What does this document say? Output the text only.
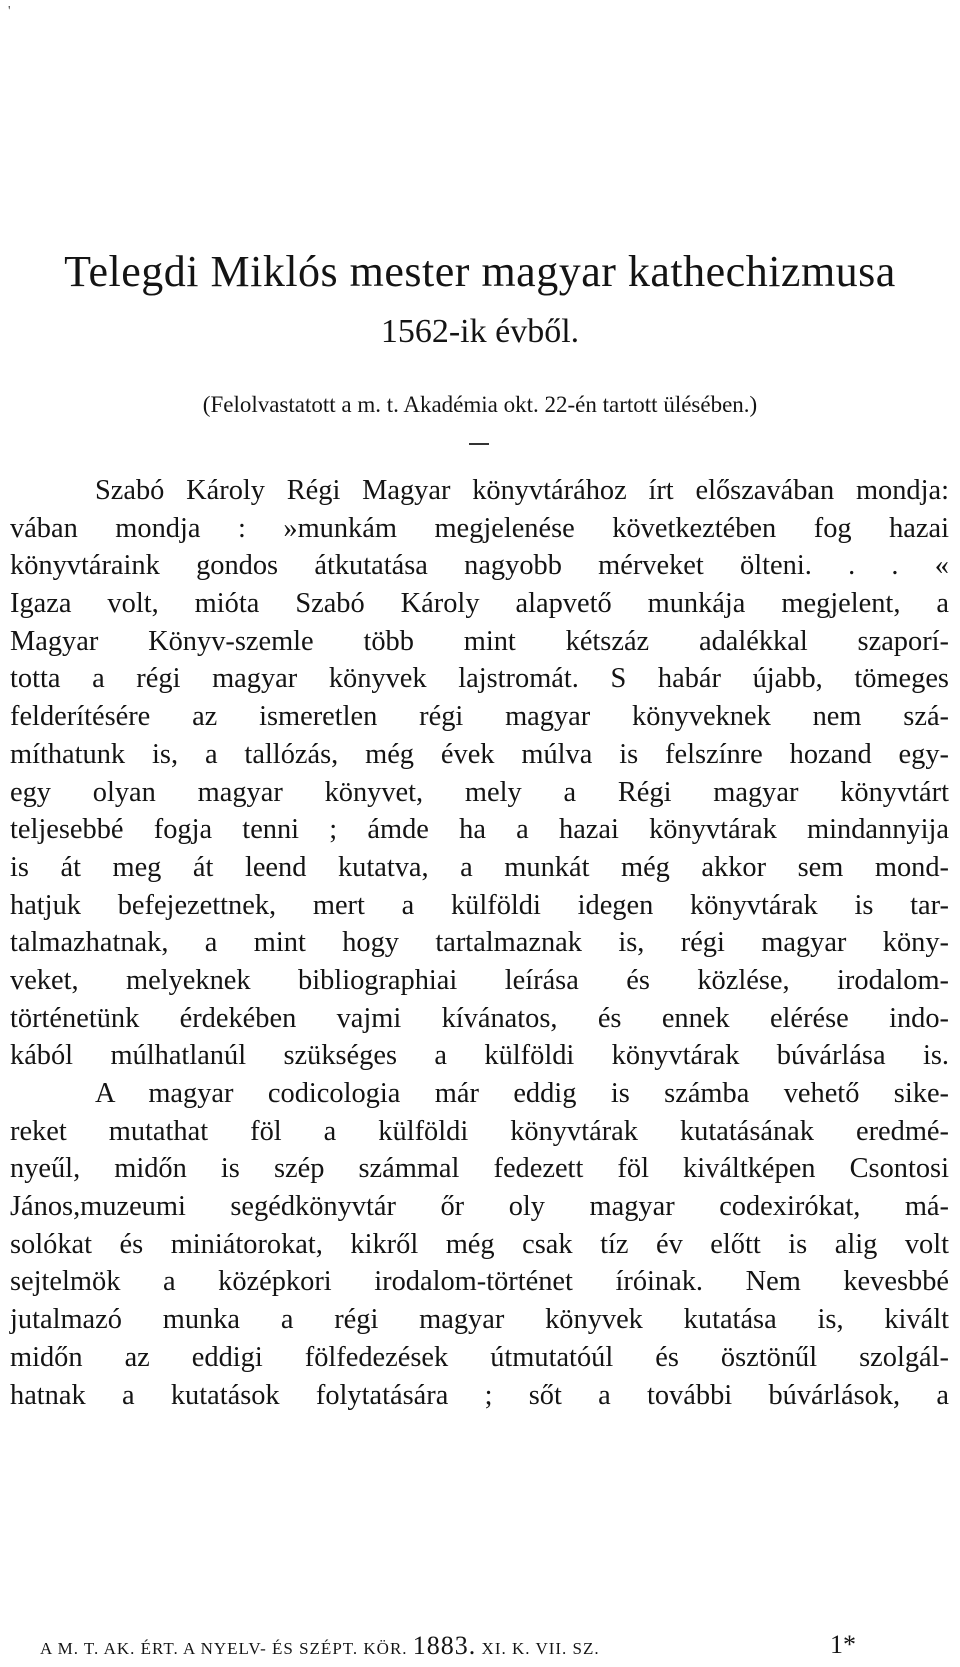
'
Telegdi Miklós mester magyar kathechizmusa
1562-ik évből.
(Felolvastatott a m. t. Akadémia okt. 22-én tartott ülésében.)
Szabó Károly Régi Magyar könyvtárához írt előszavában mondja:
vában mondja : »munkám megjelenése következtében fog hazai
könyvtáraink gondos átkutatása nagyobb mérveket ölteni. . . «
Igaza volt, mióta Szabó Károly alapvető munkája megjelent, a
Magyar Könyv-szemle több mint kétszáz adalékkal szaporí-
totta a régi magyar könyvek lajstromát. S habár újabb, tömeges
felderítésére az ismeretlen régi magyar könyveknek nem szá-
míthatunk is, a tallózás, még évek múlva is felszínre hozand egy-
egy olyan magyar könyvet, mely a Régi magyar könyvtárt
teljesebbé fogja tenni ; ámde ha a hazai könyvtárak mindannyija
is át meg át leend kutatva, a munkát még akkor sem mond-
hatjuk befejezettnek, mert a külföldi idegen könyvtárak is tar-
talmazhatnak, a mint hogy tartalmaznak is, régi magyar köny-
veket, melyeknek bibliographiai leírása és közlése, irodalom-
történetünk érdekében vajmi kívánatos, és ennek elérése indo-
kából múlhatlanúl szükséges a külföldi könyvtárak búvárlása is.
A magyar codicologia már eddig is számba vehető sike-
reket mutathat föl a külföldi könyvtárak kutatásának eredmé-
nyeűl, midőn is szép számmal fedezett föl kiváltképen Csontosi
János,muzeumi segédkönyvtár őr oly magyar codexirókat, má-
solókat és miniátorokat, kikről még csak tíz év előtt is alig volt
sejtelmök a középkori irodalom-történet íróinak. Nem kevesbbé
jutalmazó munka a régi magyar könyvek kutatása is, kivált
midőn az eddigi fölfedezések útmutatóúl és ösztönűl szolgál-
hatnak a kutatások folytatására ; sőt a további búvárlások, a
A M. T. AK. ÉRT. A NYELV- ÉS SZÉPT. KÖR. 1883. XI. K. VII. SZ.	1*
